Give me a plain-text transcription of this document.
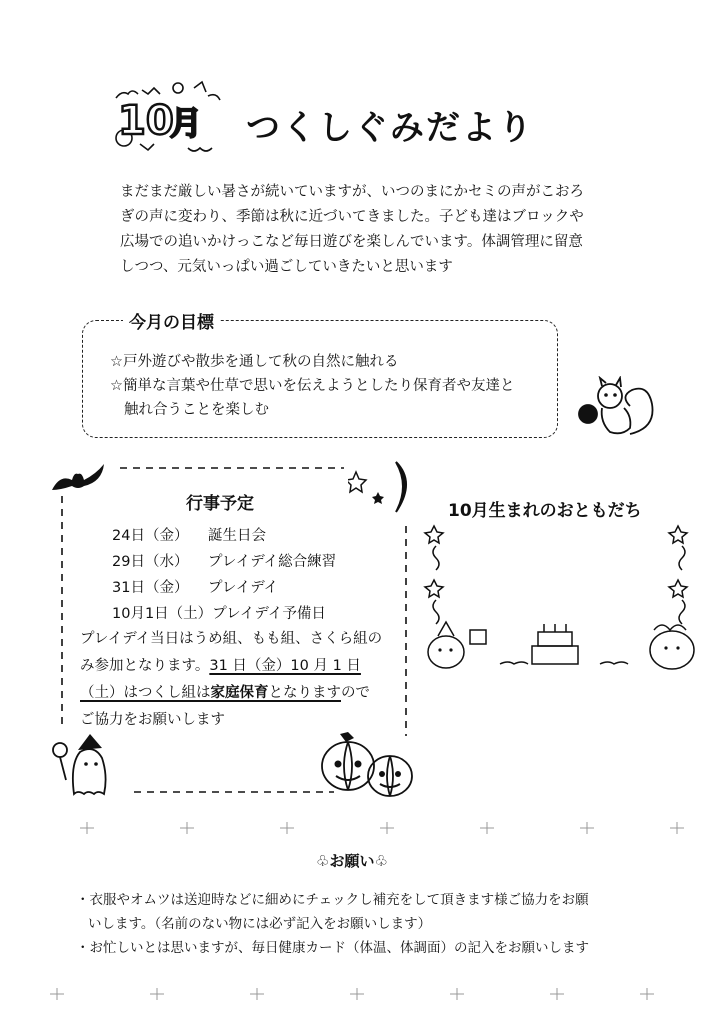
10
月 つくしぐみだより

まだまだ厳しい暑さが続いていますが、いつのまにかセミの声がこおろ

ぎの声に変わり、季節は秋に近づいてきました。子ども達はブロックや

広場での追いかけっこなど毎日遊びを楽しんでいます。体調管理に留意

しつつ、元気いっぱい過ごしていきたいと思います

今月の目標

☆戸外遊びや散歩を通して秋の自然に触れる

☆簡単な言葉や仕草で思いを伝えようとしたり保育者や友達と

触れ合うことを楽しむ

行事予定
24日（金） 誕生日会
29日（水） プレイデイ総合練習
31日（金） プレイデイ
10月1日（土）プレイデイ予備日

プレイデイ当日はうめ組、もも組、さくら組の

み参加となります。31 日（金）10 月 1 日

（土）はつくし組は家庭保育となりますので

ご協力をお願いします

10月生まれのおともだち
♧お願い♧

・衣服やオムツは送迎時などに細めにチェックし補充をして頂きます様ご協力をお願

いします。（名前のない物には必ず記入をお願いします）

・お忙しいとは思いますが、毎日健康カード（体温、体調面）の記入をお願いします
